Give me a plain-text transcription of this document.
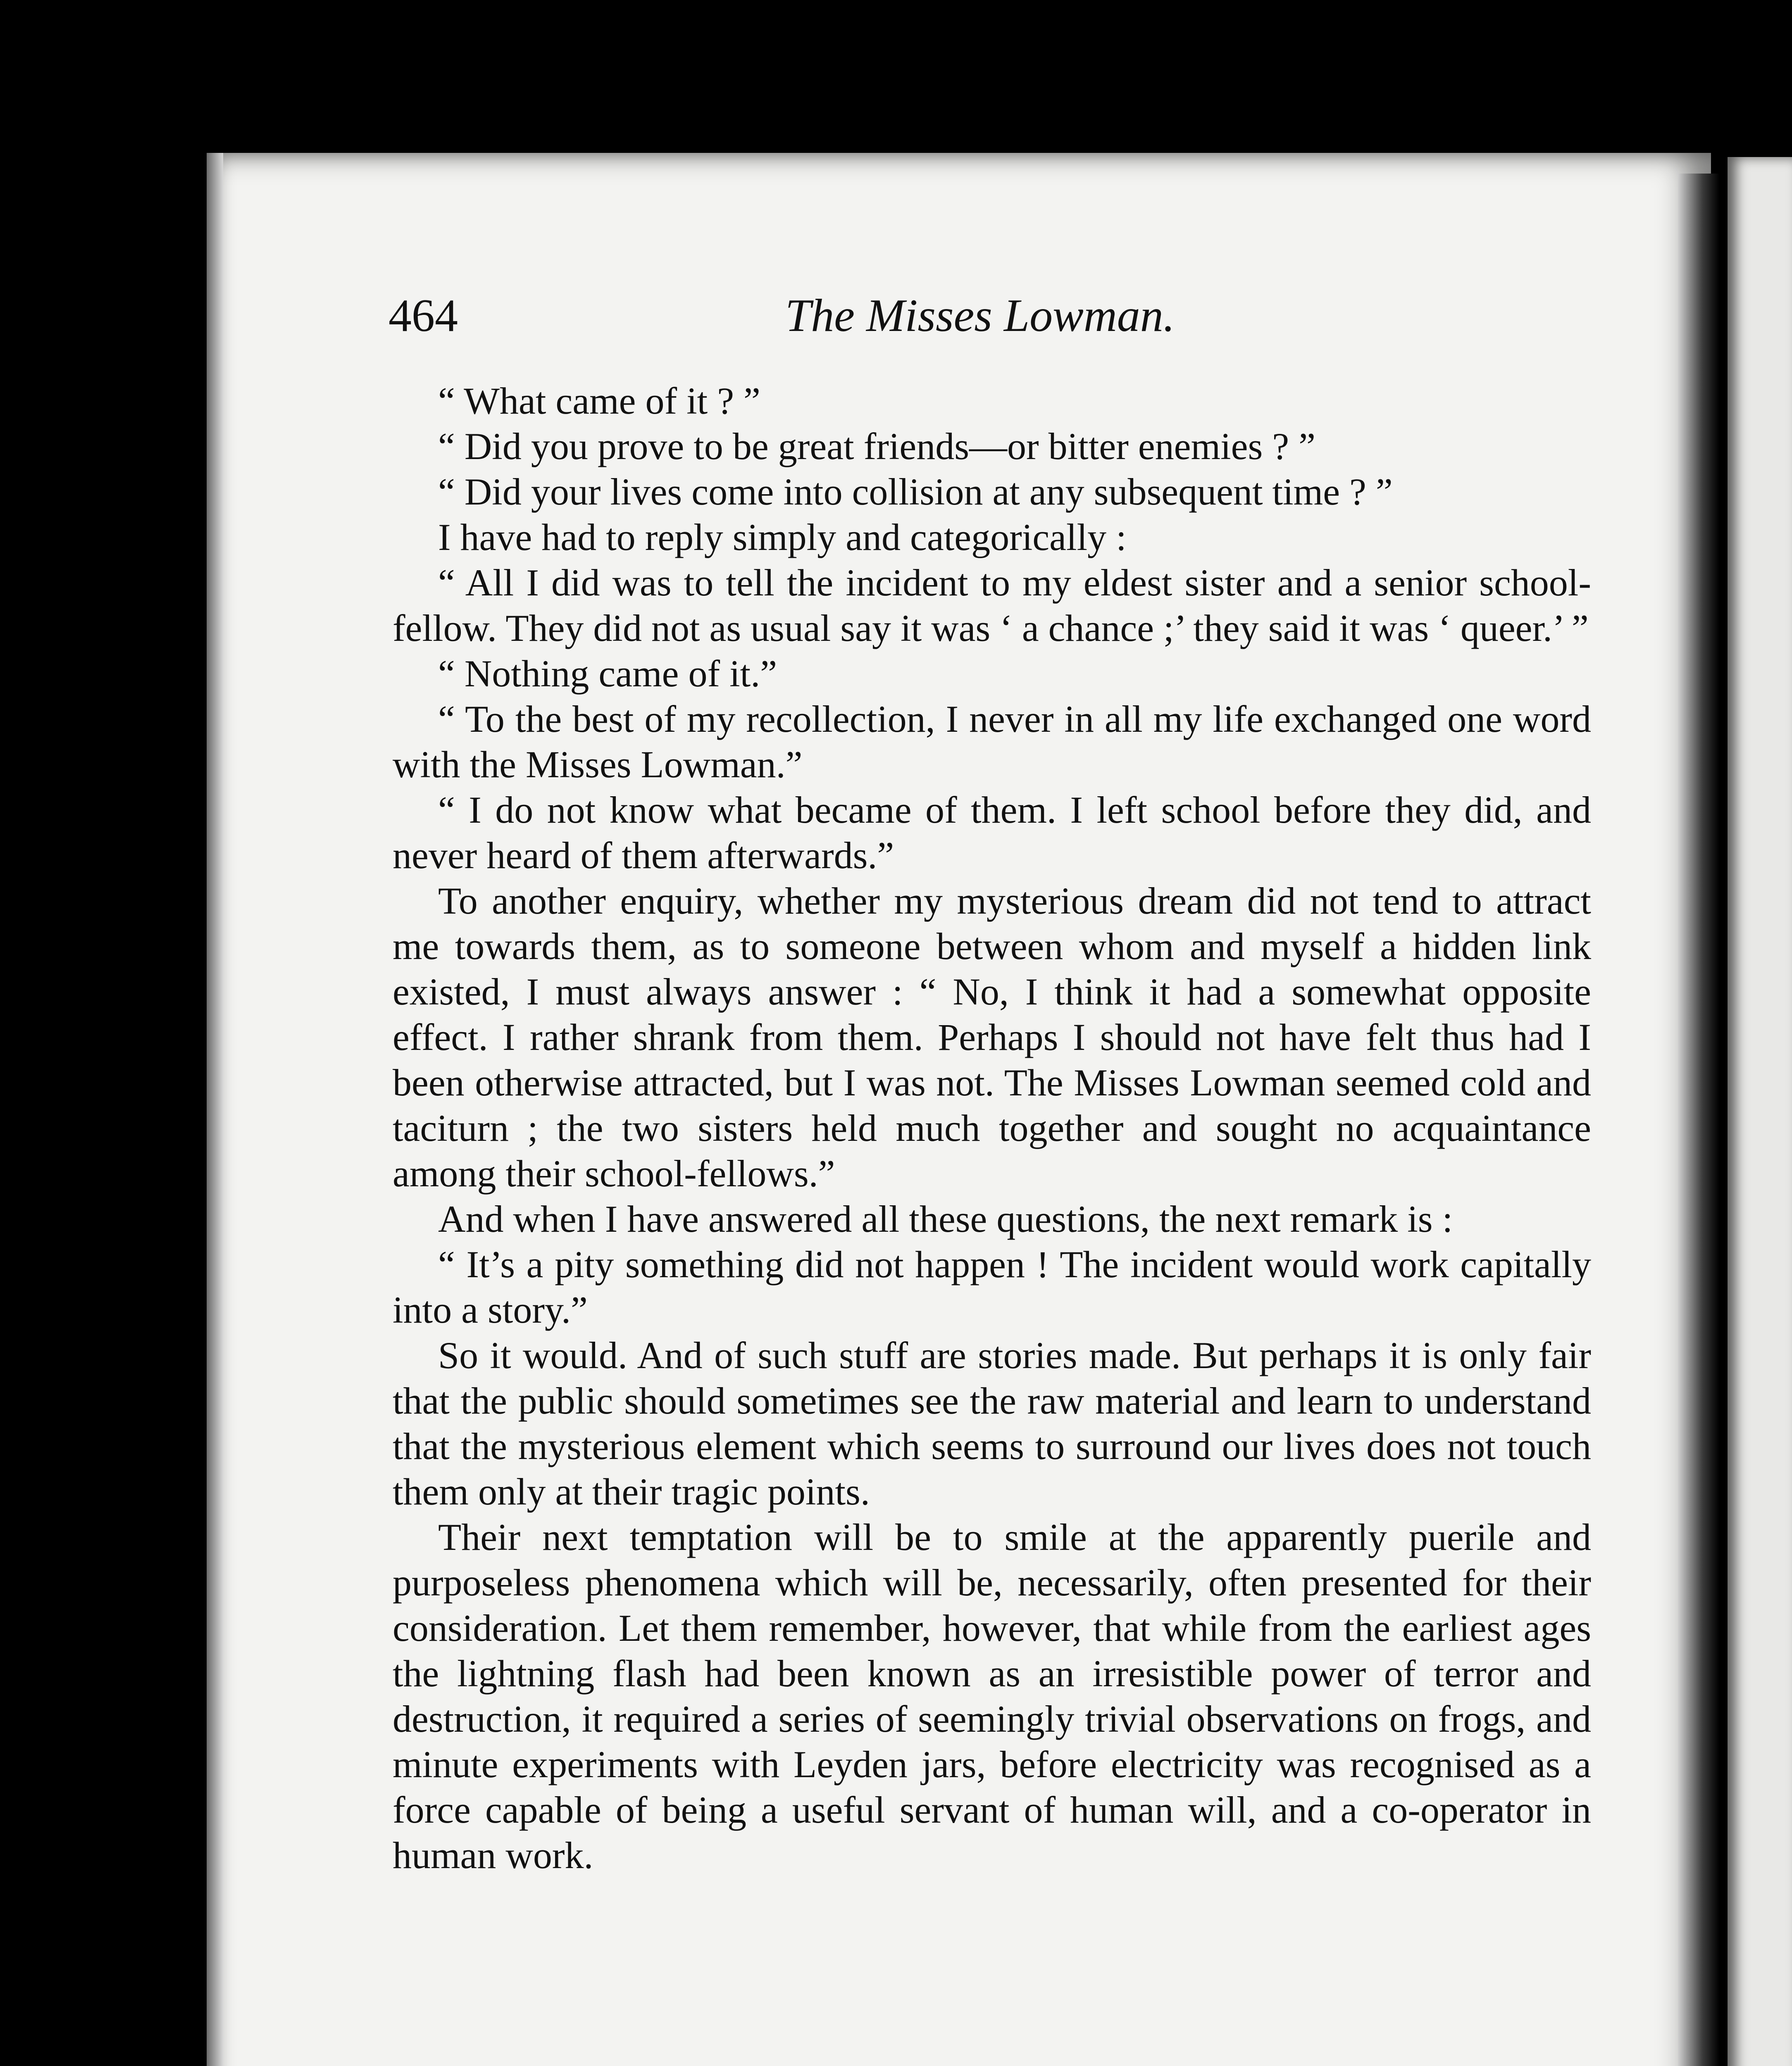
464	The Misses Lowman.

“ What came of it ? ”

“ Did you prove to be great friends—or bitter enemies ? ”

“ Did your lives come into collision at any subsequent time ? ”

I have had to reply simply and categorically :

“ All I did was to tell the incident to my eldest sister and a senior school-fellow. They did not as usual say it was ‘ a chance ;’ they said it was ‘ queer.’ ”

“ Nothing came of it.”

“ To the best of my recollection, I never in all my life exchanged one word with the Misses Lowman.”

“ I do not know what became of them. I left school before they did, and never heard of them afterwards.”

To another enquiry, whether my mysterious dream did not tend to attract me towards them, as to someone between whom and myself a hidden link existed, I must always answer : “ No, I think it had a somewhat opposite effect. I rather shrank from them. Perhaps I should not have felt thus had I been otherwise attracted, but I was not. The Misses Lowman seemed cold and taciturn ; the two sisters held much together and sought no acquaintance among their school-fellows.”

And when I have answered all these questions, the next remark is :

“ It’s a pity something did not happen ! The incident would work capitally into a story.”

So it would. And of such stuff are stories made. But perhaps it is only fair that the public should sometimes see the raw material and learn to understand that the mysterious element which seems to surround our lives does not touch them only at their tragic points.

Their next temptation will be to smile at the apparently puerile and purposeless phenomena which will be, necessarily, often presented for their consideration. Let them remember, however, that while from the earliest ages the lightning flash had been known as an irresistible power of terror and destruction, it required a series of seemingly trivial observations on frogs, and minute experiments with Leyden jars, before electricity was recognised as a force capable of being a useful servant of human will, and a co-operator in human work.
